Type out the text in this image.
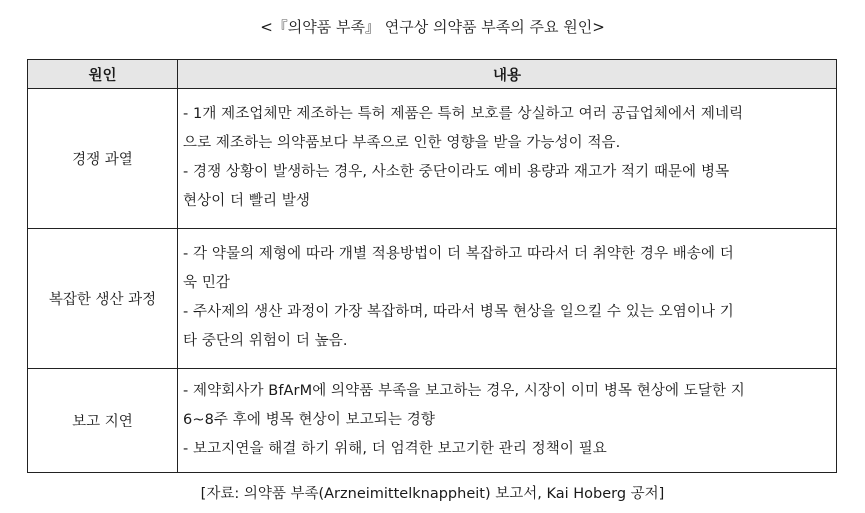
<『의약품 부족』 연구상 의약품 부족의 주요 원인>
원인	내용
경쟁 과열	- 1개 제조업체만 제조하는 특허 제품은 특허 보호를 상실하고 여러 공급업체에서 제네릭
으로 제조하는 의약품보다 부족으로 인한 영향을 받을 가능성이 적음.
- 경쟁 상황이 발생하는 경우, 사소한 중단이라도 예비 용량과 재고가 적기 때문에 병목
현상이 더 빨리 발생

복잡한 생산 과정	- 각 약물의 제형에 따라 개별 적용방법이 더 복잡하고 따라서 더 취약한 경우 배송에 더
욱 민감
- 주사제의 생산 과정이 가장 복잡하며, 따라서 병목 현상을 일으킬 수 있는 오염이나 기
타 중단의 위험이 더 높음.

보고 지연	- 제약회사가 BfArM에 의약품 부족을 보고하는 경우, 시장이 이미 병목 현상에 도달한 지
6~8주 후에 병목 현상이 보고되는 경향
- 보고지연을 해결 하기 위해, 더 엄격한 보고기한 관리 정책이 필요
[자료: 의약품 부족(Arzneimittelknappheit) 보고서, Kai Hoberg 공저]
